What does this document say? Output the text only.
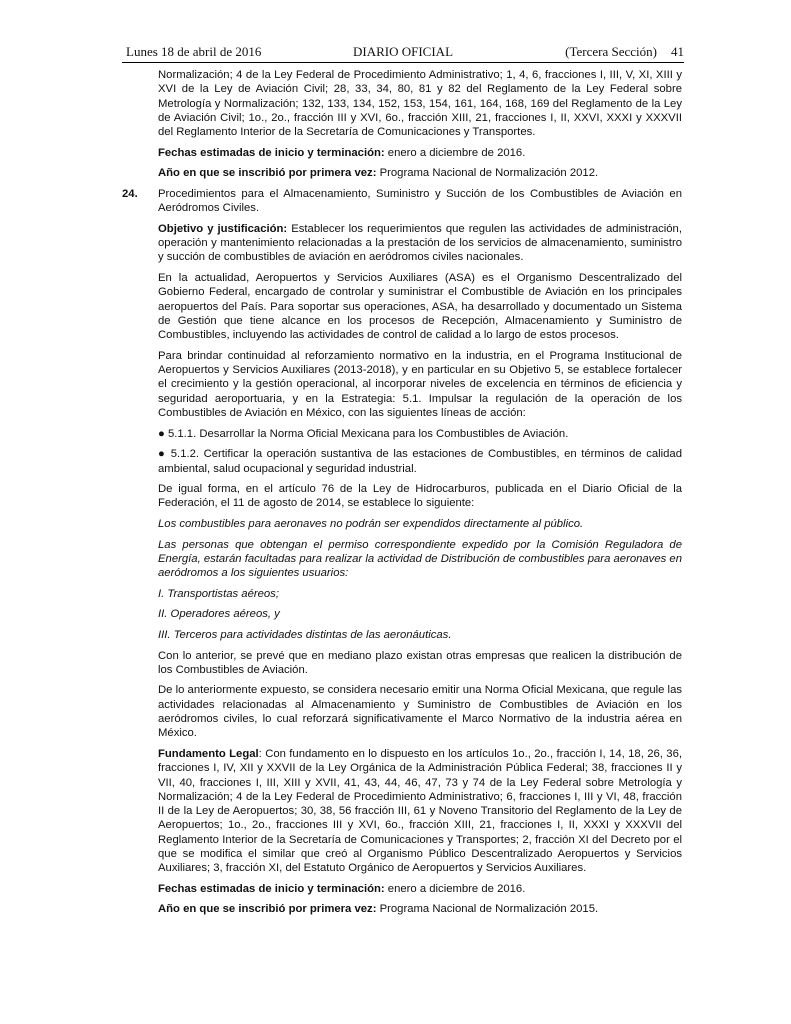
Lunes 18 de abril de 2016	DIARIO OFICIAL	(Tercera Sección) 41

Normalización; 4 de la Ley Federal de Procedimiento Administrativo; 1, 4, 6, fracciones I, III, V, XI, XIII y XVI de la Ley de Aviación Civil; 28, 33, 34, 80, 81 y 82 del Reglamento de la Ley Federal sobre Metrología y Normalización; 132, 133, 134, 152, 153, 154, 161, 164, 168, 169 del Reglamento de la Ley de Aviación Civil; 1o., 2o., fracción III y XVI, 6o., fracción XIII, 21, fracciones I, II, XXVI, XXXI y XXXVII del Reglamento Interior de la Secretaría de Comunicaciones y Transportes.

Fechas estimadas de inicio y terminación: enero a diciembre de 2016.

Año en que se inscribió por primera vez: Programa Nacional de Normalización 2012.

24. Procedimientos para el Almacenamiento, Suministro y Succión de los Combustibles de Aviación en Aeródromos Civiles.

Objetivo y justificación: Establecer los requerimientos que regulen las actividades de administración, operación y mantenimiento relacionadas a la prestación de los servicios de almacenamiento, suministro y succión de combustibles de aviación en aeródromos civiles nacionales.

En la actualidad, Aeropuertos y Servicios Auxiliares (ASA) es el Organismo Descentralizado del Gobierno Federal, encargado de controlar y suministrar el Combustible de Aviación en los principales aeropuertos del País. Para soportar sus operaciones, ASA, ha desarrollado y documentado un Sistema de Gestión que tiene alcance en los procesos de Recepción, Almacenamiento y Suministro de Combustibles, incluyendo las actividades de control de calidad a lo largo de estos procesos.

Para brindar continuidad al reforzamiento normativo en la industria, en el Programa Institucional de Aeropuertos y Servicios Auxiliares (2013-2018), y en particular en su Objetivo 5, se establece fortalecer el crecimiento y la gestión operacional, al incorporar niveles de excelencia en términos de eficiencia y seguridad aeroportuaria, y en la Estrategia: 5.1. Impulsar la regulación de la operación de los Combustibles de Aviación en México, con las siguientes líneas de acción:

● 5.1.1. Desarrollar la Norma Oficial Mexicana para los Combustibles de Aviación.

● 5.1.2. Certificar la operación sustantiva de las estaciones de Combustibles, en términos de calidad ambiental, salud ocupacional y seguridad industrial.

De igual forma, en el artículo 76 de la Ley de Hidrocarburos, publicada en el Diario Oficial de la Federación, el 11 de agosto de 2014, se establece lo siguiente:

Los combustibles para aeronaves no podrán ser expendidos directamente al público.

Las personas que obtengan el permiso correspondiente expedido por la Comisión Reguladora de Energía, estarán facultadas para realizar la actividad de Distribución de combustibles para aeronaves en aeródromos a los siguientes usuarios:

I. Transportistas aéreos;

II. Operadores aéreos, y

III. Terceros para actividades distintas de las aeronáuticas.

Con lo anterior, se prevé que en mediano plazo existan otras empresas que realicen la distribución de los Combustibles de Aviación.

De lo anteriormente expuesto, se considera necesario emitir una Norma Oficial Mexicana, que regule las actividades relacionadas al Almacenamiento y Suministro de Combustibles de Aviación en los aeródromos civiles, lo cual reforzará significativamente el Marco Normativo de la industria aérea en México.

Fundamento Legal: Con fundamento en lo dispuesto en los artículos 1o., 2o., fracción I, 14, 18, 26, 36, fracciones I, IV, XII y XXVII de la Ley Orgánica de la Administración Pública Federal; 38, fracciones II y VII, 40, fracciones I, III, XIII y XVII, 41, 43, 44, 46, 47, 73 y 74 de la Ley Federal sobre Metrología y Normalización; 4 de la Ley Federal de Procedimiento Administrativo; 6, fracciones I, III y VI, 48, fracción II de la Ley de Aeropuertos; 30, 38, 56 fracción III, 61 y Noveno Transitorio del Reglamento de la Ley de Aeropuertos; 1o., 2o., fracciones III y XVI, 6o., fracción XIII, 21, fracciones I, II, XXXI y XXXVII del Reglamento Interior de la Secretaría de Comunicaciones y Transportes; 2, fracción XI del Decreto por el que se modifica el similar que creó al Organismo Público Descentralizado Aeropuertos y Servicios Auxiliares; 3, fracción XI, del Estatuto Orgánico de Aeropuertos y Servicios Auxiliares.

Fechas estimadas de inicio y terminación: enero a diciembre de 2016.

Año en que se inscribió por primera vez: Programa Nacional de Normalización 2015.
